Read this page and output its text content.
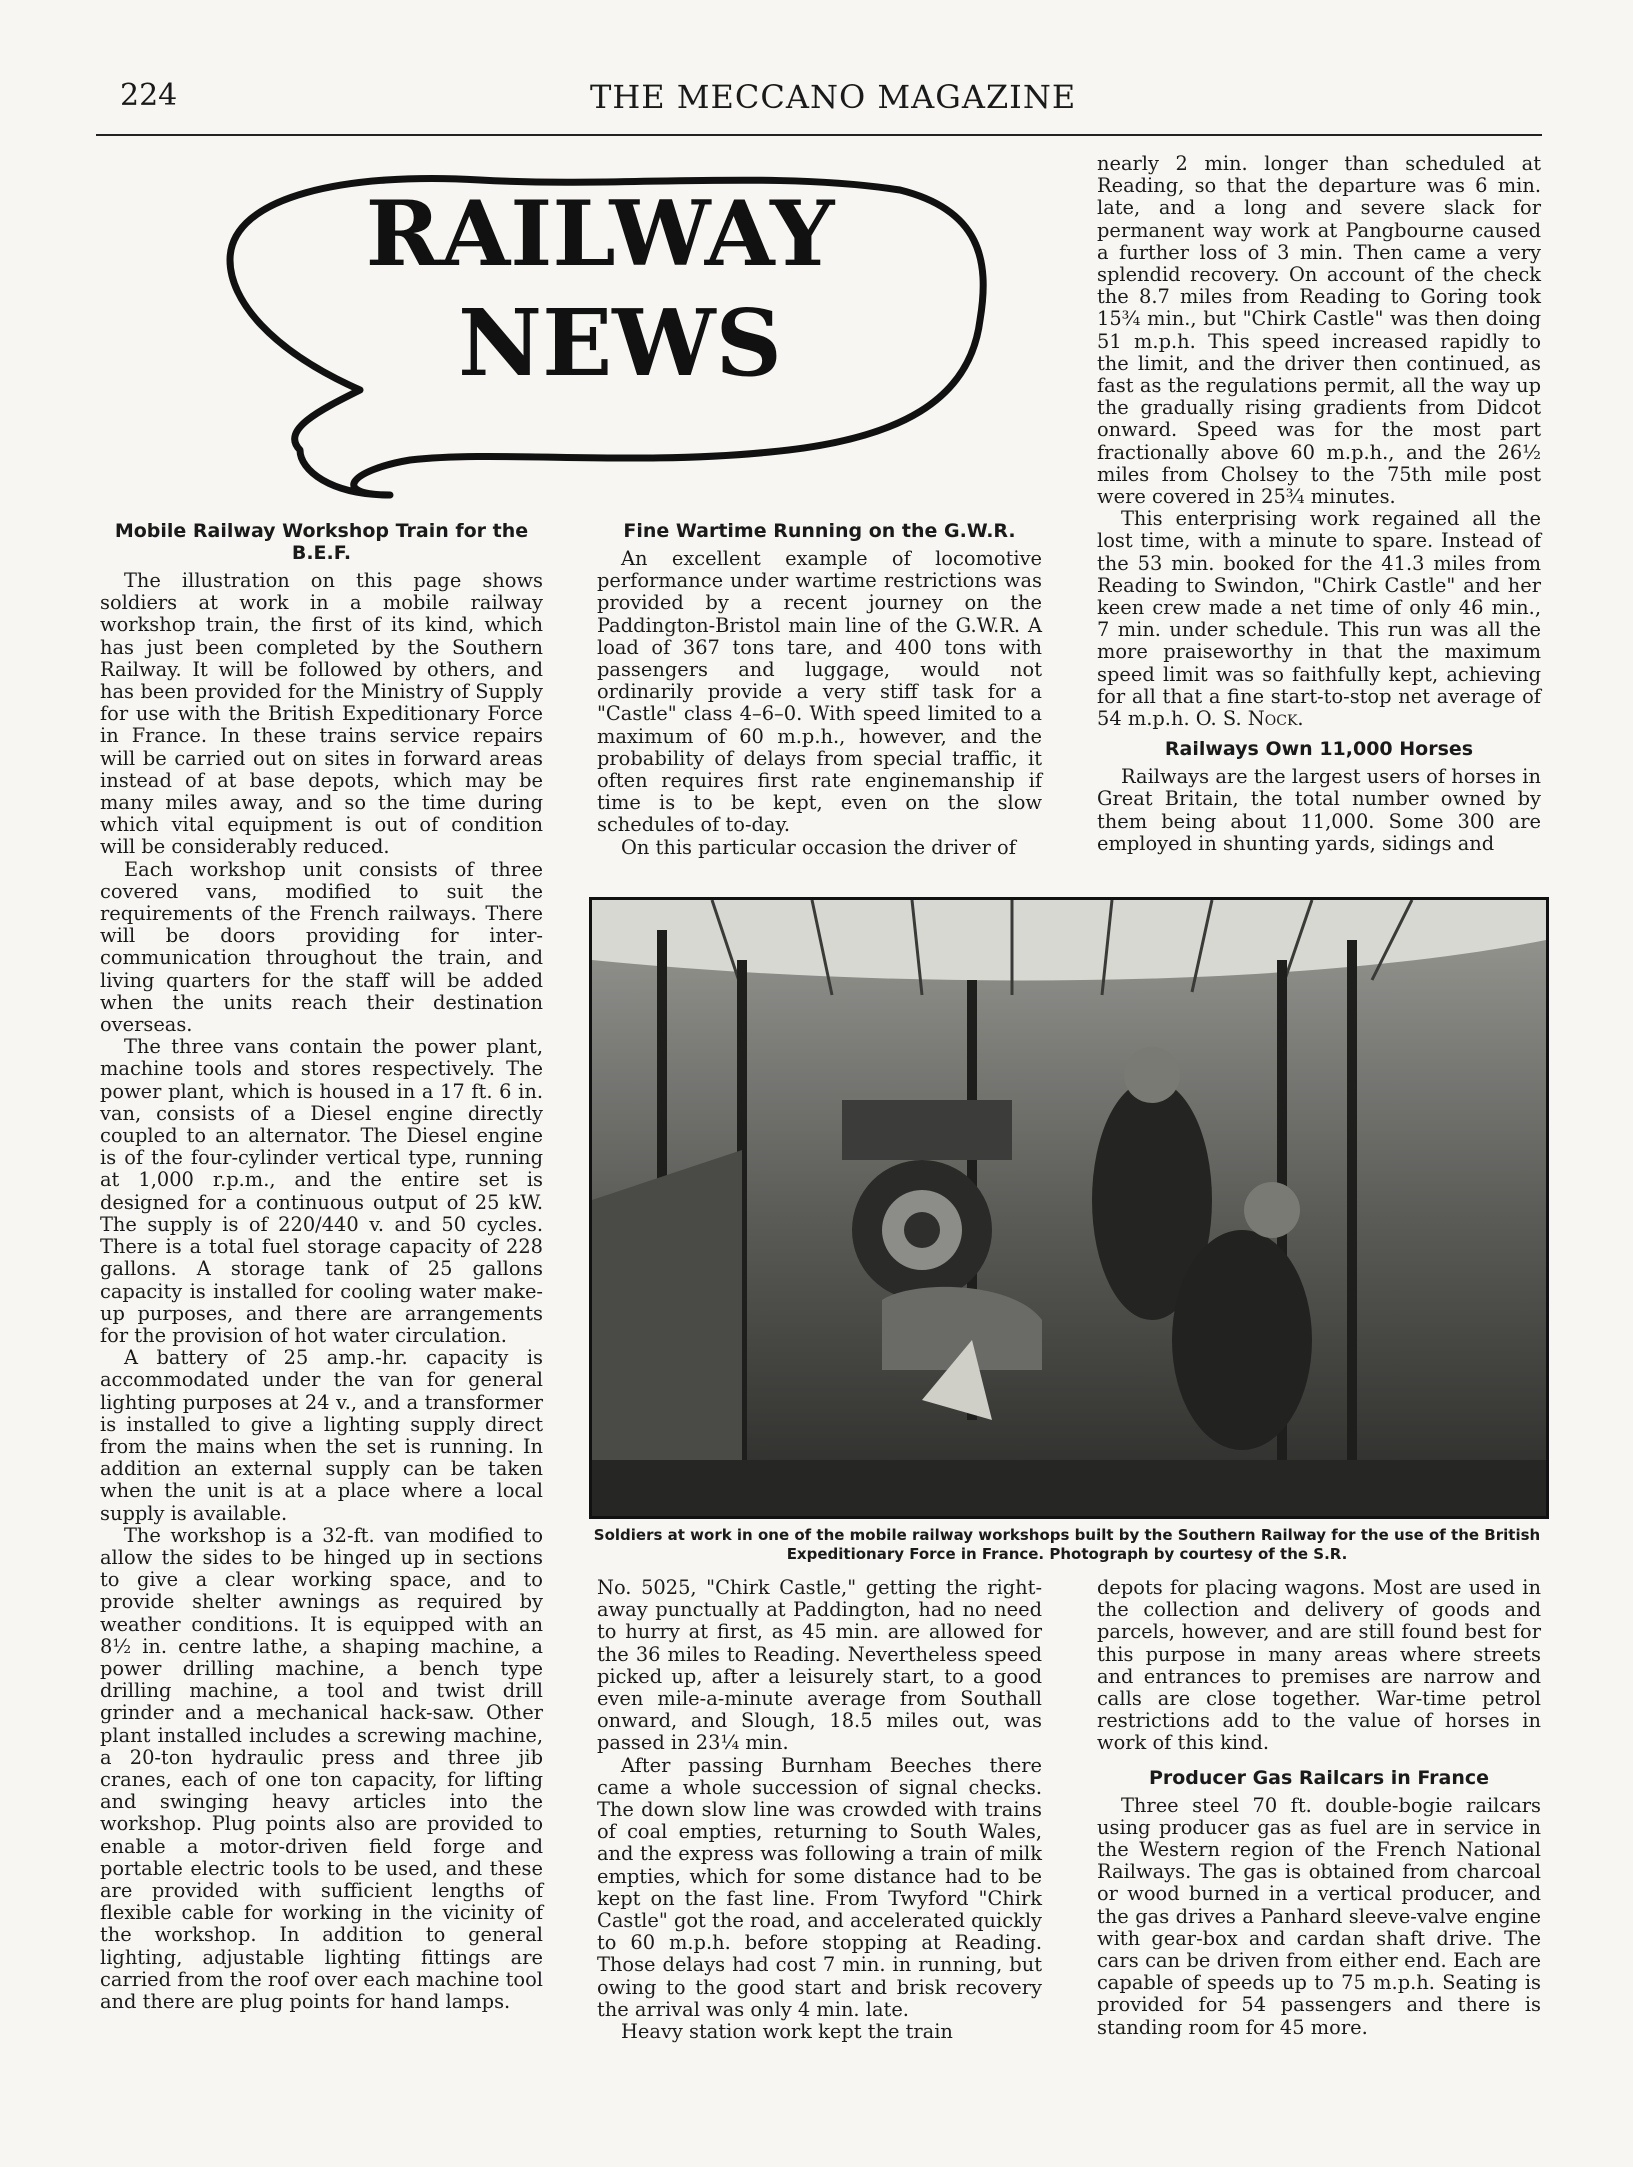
224	THE MECCANO MAGAZINE
RAILWAY
NEWS
Mobile Railway Workshop Train for the B.E.F.

The illustration on this page shows soldiers at work in a mobile railway workshop train, the first of its kind, which has just been completed by the Southern Railway. It will be followed by others, and has been provided for the Ministry of Supply for use with the British Expeditionary Force in France. In these trains service repairs will be carried out on sites in forward areas instead of at base depots, which may be many miles away, and so the time during which vital equipment is out of condition will be considerably reduced.

Each workshop unit consists of three covered vans, modified to suit the requirements of the French railways. There will be doors providing for inter-communication throughout the train, and living quarters for the staff will be added when the units reach their destination overseas.

The three vans contain the power plant, machine tools and stores respectively. The power plant, which is housed in a 17 ft. 6 in. van, consists of a Diesel engine directly coupled to an alternator. The Diesel engine is of the four-cylinder vertical type, running at 1,000 r.p.m., and the entire set is designed for a continuous output of 25 kW. The supply is of 220/440 v. and 50 cycles. There is a total fuel storage capacity of 228 gallons. A storage tank of 25 gallons capacity is installed for cooling water make-up purposes, and there are arrangements for the provision of hot water circulation.

A battery of 25 amp.-hr. capacity is accommodated under the van for general lighting purposes at 24 v., and a transformer is installed to give a lighting supply direct from the mains when the set is running. In addition an external supply can be taken when the unit is at a place where a local supply is available.

The workshop is a 32-ft. van modified to allow the sides to be hinged up in sections to give a clear working space, and to provide shelter awnings as required by weather conditions. It is equipped with an 8½ in. centre lathe, a shaping machine, a power drilling machine, a bench type drilling machine, a tool and twist drill grinder and a mechanical hack-saw. Other plant installed includes a screwing machine, a 20-ton hydraulic press and three jib cranes, each of one ton capacity, for lifting and swinging heavy articles into the workshop. Plug points also are provided to enable a motor-driven field forge and portable electric tools to be used, and these are provided with sufficient lengths of flexible cable for working in the vicinity of the workshop. In addition to general lighting, adjustable lighting fittings are carried from the roof over each machine tool and there are plug points for hand lamps.

Fine Wartime Running on the G.W.R.

An excellent example of locomotive performance under wartime restrictions was provided by a recent journey on the Paddington-Bristol main line of the G.W.R. A load of 367 tons tare, and 400 tons with passengers and luggage, would not ordinarily provide a very stiff task for a "Castle" class 4–6–0. With speed limited to a maximum of 60 m.p.h., however, and the probability of delays from special traffic, it often requires first rate enginemanship if time is to be kept, even on the slow schedules of to-day.

On this particular occasion the driver of

nearly 2 min. longer than scheduled at Reading, so that the departure was 6 min. late, and a long and severe slack for permanent way work at Pangbourne caused a further loss of 3 min. Then came a very splendid recovery. On account of the check the 8.7 miles from Reading to Goring took 15¾ min., but "Chirk Castle" was then doing 51 m.p.h. This speed increased rapidly to the limit, and the driver then continued, as fast as the regulations permit, all the way up the gradually rising gradients from Didcot onward. Speed was for the most part fractionally above 60 m.p.h., and the 26½ miles from Cholsey to the 75th mile post were covered in 25¾ minutes.

This enterprising work regained all the lost time, with a minute to spare. Instead of the 53 min. booked for the 41.3 miles from Reading to Swindon, "Chirk Castle" and her keen crew made a net time of only 46 min., 7 min. under schedule. This run was all the more praiseworthy in that the maximum speed limit was so faithfully kept, achieving for all that a fine start-to-stop net average of 54 m.p.h. O. S. Nock.

Railways Own 11,000 Horses

Railways are the largest users of horses in Great Britain, the total number owned by them being about 11,000. Some 300 are employed in shunting yards, sidings and

Soldiers at work in one of the mobile railway workshops built by the Southern Railway for the use of the British Expeditionary Force in France. Photograph by courtesy of the S.R.

No. 5025, "Chirk Castle," getting the right-away punctually at Paddington, had no need to hurry at first, as 45 min. are allowed for the 36 miles to Reading. Nevertheless speed picked up, after a leisurely start, to a good even mile-a-minute average from Southall onward, and Slough, 18.5 miles out, was passed in 23¼ min.

After passing Burnham Beeches there came a whole succession of signal checks. The down slow line was crowded with trains of coal empties, returning to South Wales, and the express was following a train of milk empties, which for some distance had to be kept on the fast line. From Twyford "Chirk Castle" got the road, and accelerated quickly to 60 m.p.h. before stopping at Reading. Those delays had cost 7 min. in running, but owing to the good start and brisk recovery the arrival was only 4 min. late.

Heavy station work kept the train

depots for placing wagons. Most are used in the collection and delivery of goods and parcels, however, and are still found best for this purpose in many areas where streets and entrances to premises are narrow and calls are close together. War-time petrol restrictions add to the value of horses in work of this kind.

Producer Gas Railcars in France

Three steel 70 ft. double-bogie railcars using producer gas as fuel are in service in the Western region of the French National Railways. The gas is obtained from charcoal or wood burned in a vertical producer, and the gas drives a Panhard sleeve-valve engine with gear-box and cardan shaft drive. The cars can be driven from either end. Each are capable of speeds up to 75 m.p.h. Seating is provided for 54 passengers and there is standing room for 45 more.
